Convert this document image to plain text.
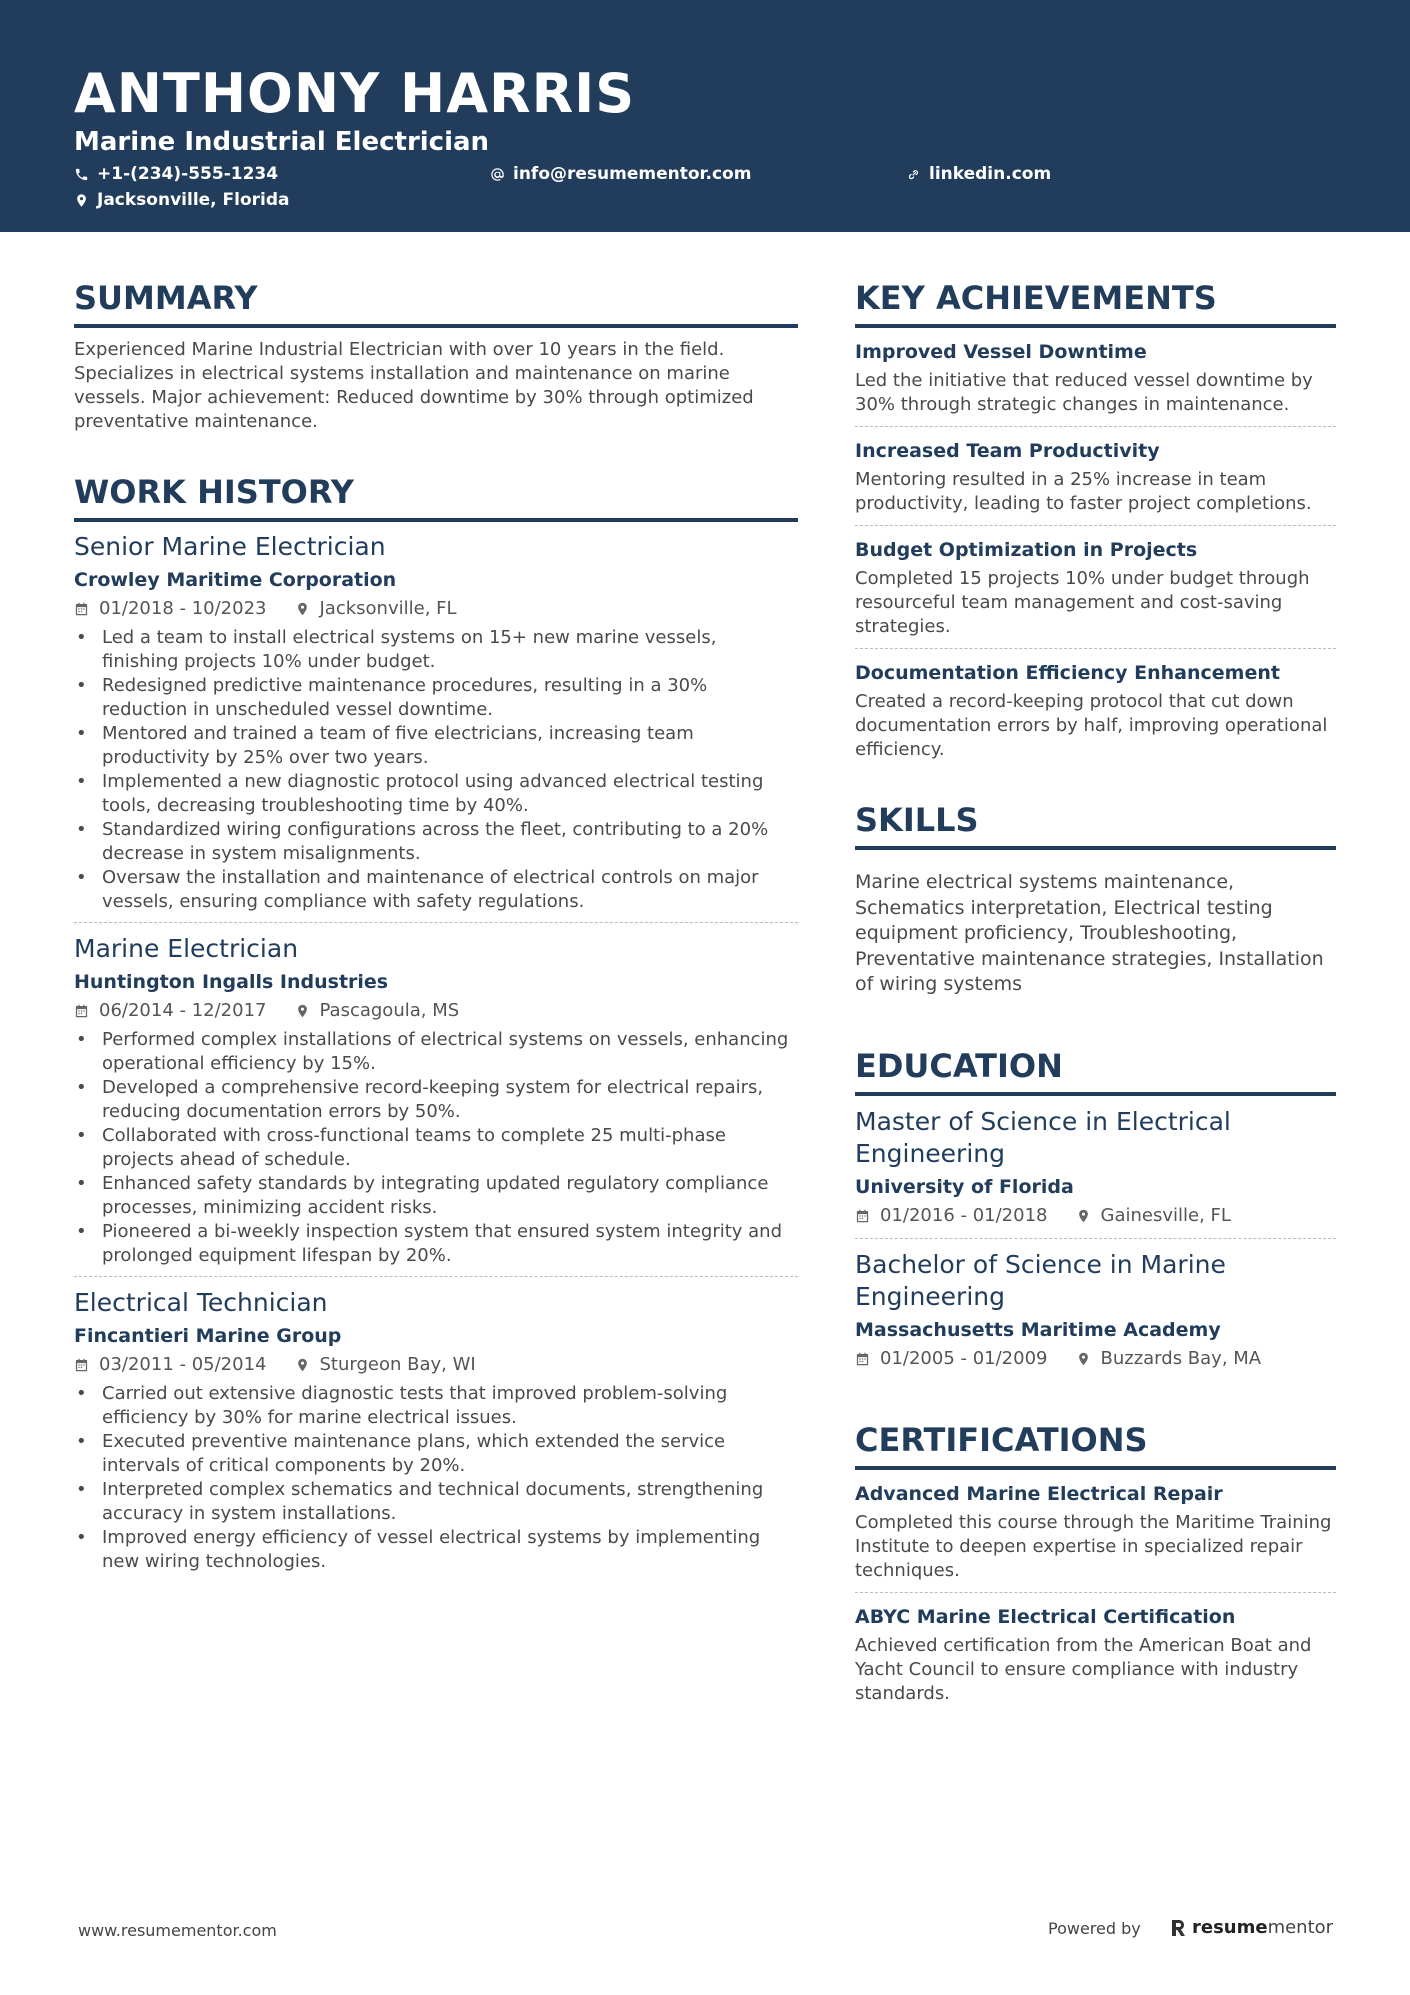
ANTHONY HARRIS
Marine Industrial Electrician
+1-(234)-555-1234	info@resumementor.com	linkedin.com
Jacksonville, Florida
SUMMARY
Experienced Marine Industrial Electrician with over 10 years in the field. Specializes in electrical systems installation and maintenance on marine vessels. Major achievement: Reduced downtime by 30% through optimized preventative maintenance.
WORK HISTORY
Senior Marine Electrician
Crowley Maritime Corporation
01/2018 - 10/2023	Jacksonville, FL
• Led a team to install electrical systems on 15+ new marine vessels, finishing projects 10% under budget.
• Redesigned predictive maintenance procedures, resulting in a 30% reduction in unscheduled vessel downtime.
• Mentored and trained a team of five electricians, increasing team productivity by 25% over two years.
• Implemented a new diagnostic protocol using advanced electrical testing tools, decreasing troubleshooting time by 40%.
• Standardized wiring configurations across the fleet, contributing to a 20% decrease in system misalignments.
• Oversaw the installation and maintenance of electrical controls on major vessels, ensuring compliance with safety regulations.
Marine Electrician
Huntington Ingalls Industries
06/2014 - 12/2017	Pascagoula, MS
• Performed complex installations of electrical systems on vessels, enhancing operational efficiency by 15%.
• Developed a comprehensive record-keeping system for electrical repairs, reducing documentation errors by 50%.
• Collaborated with cross-functional teams to complete 25 multi-phase projects ahead of schedule.
• Enhanced safety standards by integrating updated regulatory compliance processes, minimizing accident risks.
• Pioneered a bi-weekly inspection system that ensured system integrity and prolonged equipment lifespan by 20%.
Electrical Technician
Fincantieri Marine Group
03/2011 - 05/2014	Sturgeon Bay, WI
• Carried out extensive diagnostic tests that improved problem-solving efficiency by 30% for marine electrical issues.
• Executed preventive maintenance plans, which extended the service intervals of critical components by 20%.
• Interpreted complex schematics and technical documents, strengthening accuracy in system installations.
• Improved energy efficiency of vessel electrical systems by implementing new wiring technologies.
KEY ACHIEVEMENTS
Improved Vessel Downtime
Led the initiative that reduced vessel downtime by 30% through strategic changes in maintenance.
Increased Team Productivity
Mentoring resulted in a 25% increase in team productivity, leading to faster project completions.
Budget Optimization in Projects
Completed 15 projects 10% under budget through resourceful team management and cost-saving strategies.
Documentation Efficiency Enhancement
Created a record-keeping protocol that cut down documentation errors by half, improving operational efficiency.
SKILLS
Marine electrical systems maintenance, Schematics interpretation, Electrical testing equipment proficiency, Troubleshooting, Preventative maintenance strategies, Installation of wiring systems
EDUCATION
Master of Science in Electrical Engineering
University of Florida
01/2016 - 01/2018	Gainesville, FL
Bachelor of Science in Marine Engineering
Massachusetts Maritime Academy
01/2005 - 01/2009	Buzzards Bay, MA
CERTIFICATIONS
Advanced Marine Electrical Repair
Completed this course through the Maritime Training Institute to deepen expertise in specialized repair techniques.
ABYC Marine Electrical Certification
Achieved certification from the American Boat and Yacht Council to ensure compliance with industry standards.
www.resumementor.com	Powered by	resume mentor
